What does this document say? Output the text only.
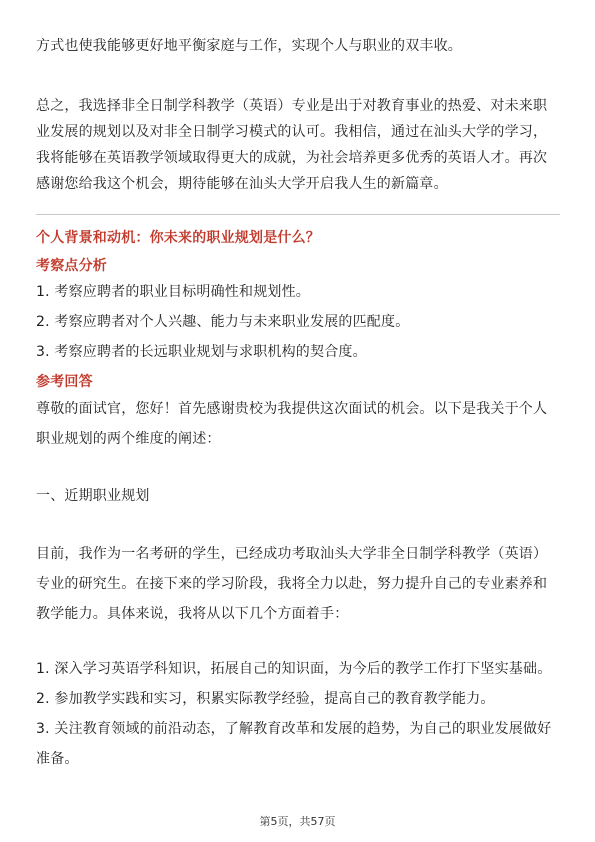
方式也使我能够更好地平衡家庭与工作，实现个人与职业的双丰收。

总之，我选择非全日制学科教学（英语）专业是出于对教育事业的热爱、对未来职
业发展的规划以及对非全日制学习模式的认可。我相信，通过在汕头大学的学习，
我将能够在英语教学领域取得更大的成就，为社会培养更多优秀的英语人才。再次
感谢您给我这个机会，期待能够在汕头大学开启我人生的新篇章。

个人背景和动机：你未来的职业规划是什么？

考察点分析

1. 考察应聘者的职业目标明确性和规划性。
2. 考察应聘者对个人兴趣、能力与未来职业发展的匹配度。
3. 考察应聘者的长远职业规划与求职机构的契合度。

参考回答

尊敬的面试官，您好！首先感谢贵校为我提供这次面试的机会。以下是我关于个人
职业规划的两个维度的阐述：

一、近期职业规划

目前，我作为一名考研的学生，已经成功考取汕头大学非全日制学科教学（英语）
专业的研究生。在接下来的学习阶段，我将全力以赴，努力提升自己的专业素养和
教学能力。具体来说，我将从以下几个方面着手：

1. 深入学习英语学科知识，拓展自己的知识面，为今后的教学工作打下坚实基础。
2. 参加教学实践和实习，积累实际教学经验，提高自己的教育教学能力。
3. 关注教育领域的前沿动态，了解教育改革和发展的趋势，为自己的职业发展做好
准备。

第5页，共57页
